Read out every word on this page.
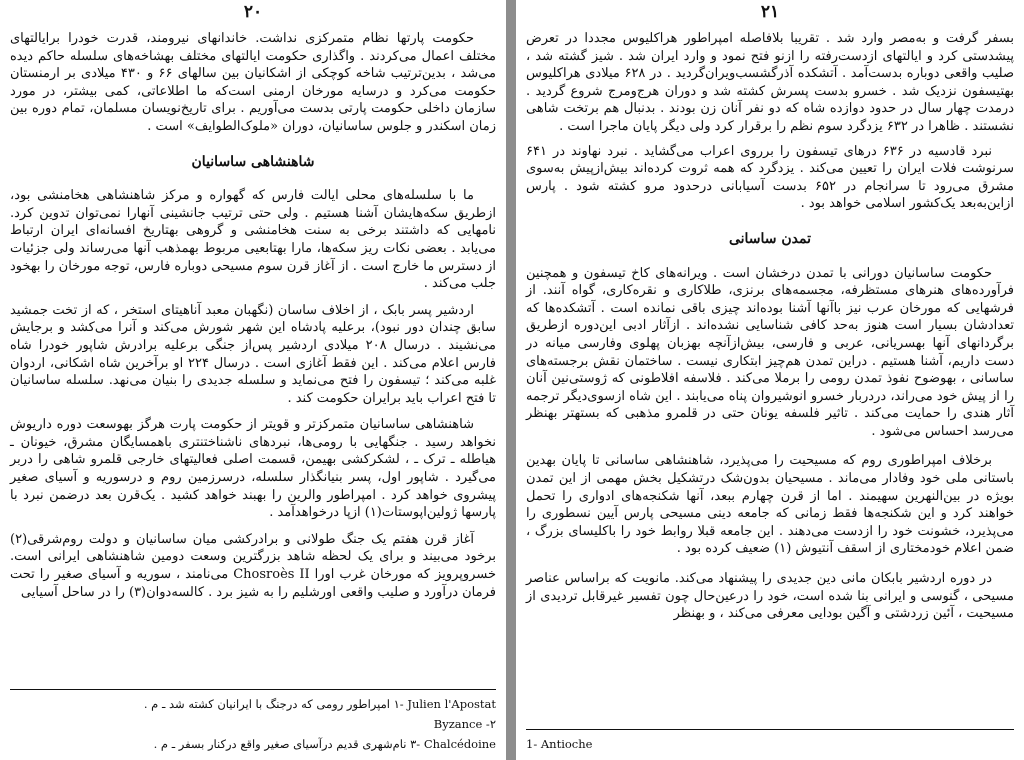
۲۰

حکومت پارتها نظام متمرکزی نداشت. خاندانهای نیرومند، قدرت خودرا برایالتهای مختلف اعمال می‌کردند . واگذاری حکومت ایالتهای مختلف بهشاخه‌های سلسله حاکم دیده می‌شد ، بدین‌ترتیب شاخه کوچکی از اشکانیان بین سالهای ۶۶ و ۴۳۰ میلادی بر ارمنستان حکومت می‌کرد و درسایه مورخان ارمنی است‌که ما اطلاعاتی، کمی بیشتر، در مورد سازمان داخلی حکومت پارتی بدست می‌آوریم . برای تاریخ‌نویسان مسلمان، تمام دوره بین زمان اسکندر و جلوس ساسانیان، دوران «ملوک‌الطوایف» است .

شاهنشاهی ساسانیان

ما با سلسله‌های محلی ایالت فارس که گهواره و مرکز شاهنشاهی هخامنشی بود، ازطریق سکه‌هایشان آشنا هستیم . ولی حتی ترتیب جانشینی آنهارا نمی‌توان تدوین کرد. نامهایی که داشتند برخی به سنت هخامنشی و گروهی بهتاریخ افسانه‌ای ایران ارتباط می‌یابد . بعضی نکات ریز سکه‌ها، مارا بهتابعیی مربوط بهمذهب آنها می‌رساند ولی جزئیات از دسترس ما خارج است . از آغاز قرن سوم مسیحی دوباره فارس، توجه مورخان را بهخود جلب می‌کند .

اردشیر پسر بابک ، از اخلاف ساسان (نگهبان معبد آناهیتای استخر ، که از تخت جمشید سابق چندان دور نبود)، برعلیه پادشاه این شهر شورش می‌کند و آنرا می‌کشد و برجایش می‌نشیند . درسال ۲۰۸ میلادی اردشیر پس‌از جنگی برعلیه برادرش شاپور خودرا شاه فارس اعلام می‌کند . این فقط آغازی است . درسال ۲۲۴ او برآخرین شاه اشکانی، اردوان غلبه می‌کند ؛ تیسفون را فتح می‌نماید و سلسله جدیدی را بنیان می‌نهد. سلسله ساسانیان تا فتح اعراب باید برایران حکومت کند .

شاهنشاهی ساسانیان متمرکزتر و قویتر از حکومت پارت هرگز بهوسعت دوره داریوش نخواهد رسید . جنگهایی با رومی‌ها، نبردهای ناشناختنتری باهمسایگان مشرق، خیونان ـ هیاطله ـ ترک ـ ، لشکرکشی بهیمن، قسمت اصلی فعالیتهای خارجی قلمرو شاهی را دربر می‌گیرد . شاپور اول، پسر بنیانگذار سلسله، درسرزمین روم و درسوریه و آسیای صغیر پیشروی خواهد کرد . امپراطور والرین را بهبند خواهد کشید . یک‌قرن بعد درضمن نبرد با پارسها ژولین‌اپوستات(۱) ازپا درخواهدآمد .

آغاز قرن هفتم یک جنگ طولانی و برادرکشی میان ساسانیان و دولت روم‌شرقی(۲) برخود می‌بیند و برای یک لحظه شاهد بزرگترین وسعت دومین شاهنشاهی ایرانی است. خسروپرویز که مورخان غرب اورا Chosroès II می‌نامند ، سوریه و آسیای صغیر را تحت فرمان درآورد و صلیب واقعی اورشلیم را به شیز برد . کالسه‌دوان(۳) را در ساحل آسیایی

Julien l'Apostat ‏-۱ امپراطور رومی که درجنگ با ایرانیان کشته شد ـ م .
Byzance -۲
Chalcédoine ‏-۳ نام‌شهری قدیم درآسیای صغیر واقع درکنار بسفر ـ م .
۲۱

بسفر گرفت و به‌مصر وارد شد . تقریبا بلافاصله امپراطور هراکلیوس مجددا در تعرض پیشدستی کرد و ایالتهای ازدست‌رفته را ازنو فتح نمود و وارد ایران شد . شیز گشته شد ، صلیب واقعی دوباره بدست‌آمد . آتشکده آذرگشسب‌ویران‌گردید . در ۶۲۸ میلادی هراکلیوس بهتیسفون نزدیک شد . خسرو بدست پسرش کشته شد و دوران هرج‌ومرج شروع گردید . درمدت چهار سال در حدود دوازده شاه که دو نفر آنان زن بودند . بدنبال هم برتخت شاهی نشستند . ظاهرا در ۶۳۲ یزدگرد سوم نظم را برقرار کرد ولی دیگر پایان ماجرا است .

نبرد قادسیه در ۶۳۶ درهای تیسفون را برروی اعراب می‌گشاید . نبرد نهاوند در ۶۴۱ سرنوشت فلات ایران را تعیین می‌کند . یزدگرد که همه ثروت کرده‌اند بیش‌ازپیش به‌سوی مشرق می‌رود تا سرانجام در ۶۵۲ بدست آسیابانی درحدود مرو کشته شود . پارس ازاین‌به‌بعد یک‌کشور اسلامی خواهد بود .

تمدن ساسانی

حکومت ساسانیان دورانی با تمدن درخشان است . ویرانه‌های کاخ تیسفون و همچنین فرآورده‌های هنرهای مستظرفه، مجسمه‌های برنزی، طلاکاری و نقره‌کاری، گواه آنند. از فرشهایی که مورخان عرب نیز باآنها آشنا بوده‌اند چیزی باقی نمانده است . آتشکده‌ها که تعدادشان بسیار است هنوز به‌حد کافی شناسایی نشده‌اند . ازآثار ادبی این‌دوره ازطریق برگردانهای آنها بهسریانی، عربی و فارسی، بیش‌ازآنچه بهزبان پهلوی وفارسی میانه در دست داریم، آشنا هستیم . دراین تمدن هم‌چیز ابتکاری نیست . ساختمان نقش برجسته‌های ساسانی ، بهوضوح نفوذ تمدن رومی را برملا می‌کند . فلاسفه افلاطونی که ژوستی‌نین آنان را از پیش خود می‌راند، دردربار خسرو انوشیروان پناه می‌یابند . این شاه ازسوی‌دیگر ترجمه آثار هندی را حمایت می‌کند . تاثیر فلسفه یونان حتی در قلمرو مذهبی که بستهتر بهنظر می‌رسد احساس می‌شود .

برخلاف امپراطوری روم که مسیحیت را می‌پذیرد، شاهنشاهی ساسانی تا پایان بهدین باستانی ملی خود وفادار می‌ماند . مسیحیان بدون‌شک درتشکیل بخش مهمی از این تمدن بویژه در بین‌النهرین سهیمند . اما از قرن چهارم ببعد، آنها شکنجه‌های ادواری را تحمل خواهند کرد و این شکنجه‌ها فقط زمانی که جامعه دینی مسیحی پارس آیین نسطوری را می‌پذیرد، خشونت خود را ازدست می‌دهند . این جامعه قبلا روابط خود را باکلیسای بزرگ ، ضمن اعلام خودمختاری از اسقف آنتیوش (۱) ضعیف کرده بود .

در دوره اردشیر بابکان مانی دین جدیدی را پیشنهاد می‌کند. مانویت که براساس عناصر مسیحی ، گنوسی و ایرانی بنا شده است، خود را درعین‌حال چون تفسیر غیرقابل تردیدی از مسیحیت ، آئین زردشتی و آگین بودایی معرفی می‌کند ، و بهنظر

1- Antioche
